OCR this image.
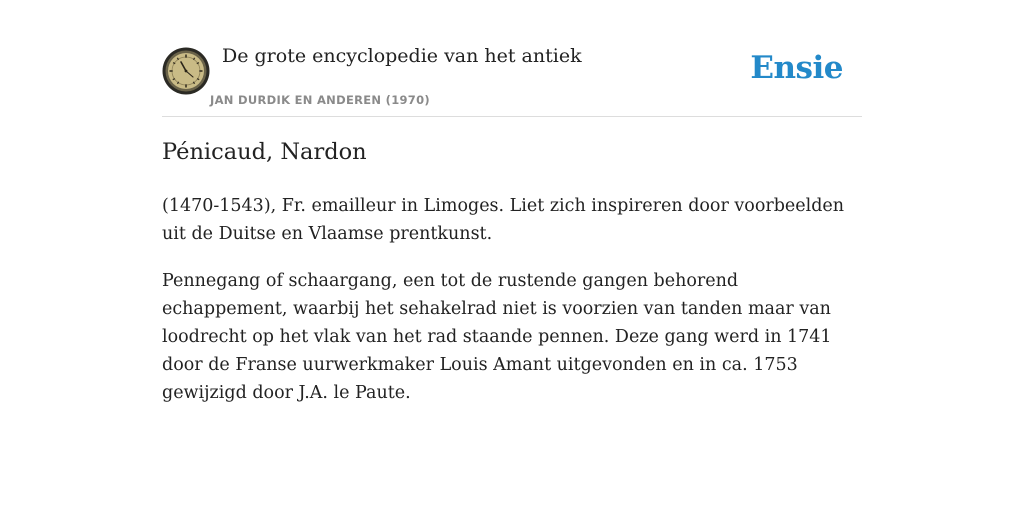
De grote encyclopedie van het antiek
JAN DURDIK EN ANDEREN (1970)
Ensie
Pénicaud, Nardon

(1470-1543), Fr. emailleur in Limoges. Liet zich inspireren door voorbeelden uit de Duitse en Vlaamse prentkunst.

Pennegang of schaargang, een tot de rustende gangen behorend echappement, waarbij het sehakelrad niet is voorzien van tanden maar van loodrecht op het vlak van het rad staande pennen. Deze gang werd in 1741 door de Franse uurwerkmaker Louis Amant uitgevonden en in ca. 1753 gewijzigd door J.A. le Paute.
